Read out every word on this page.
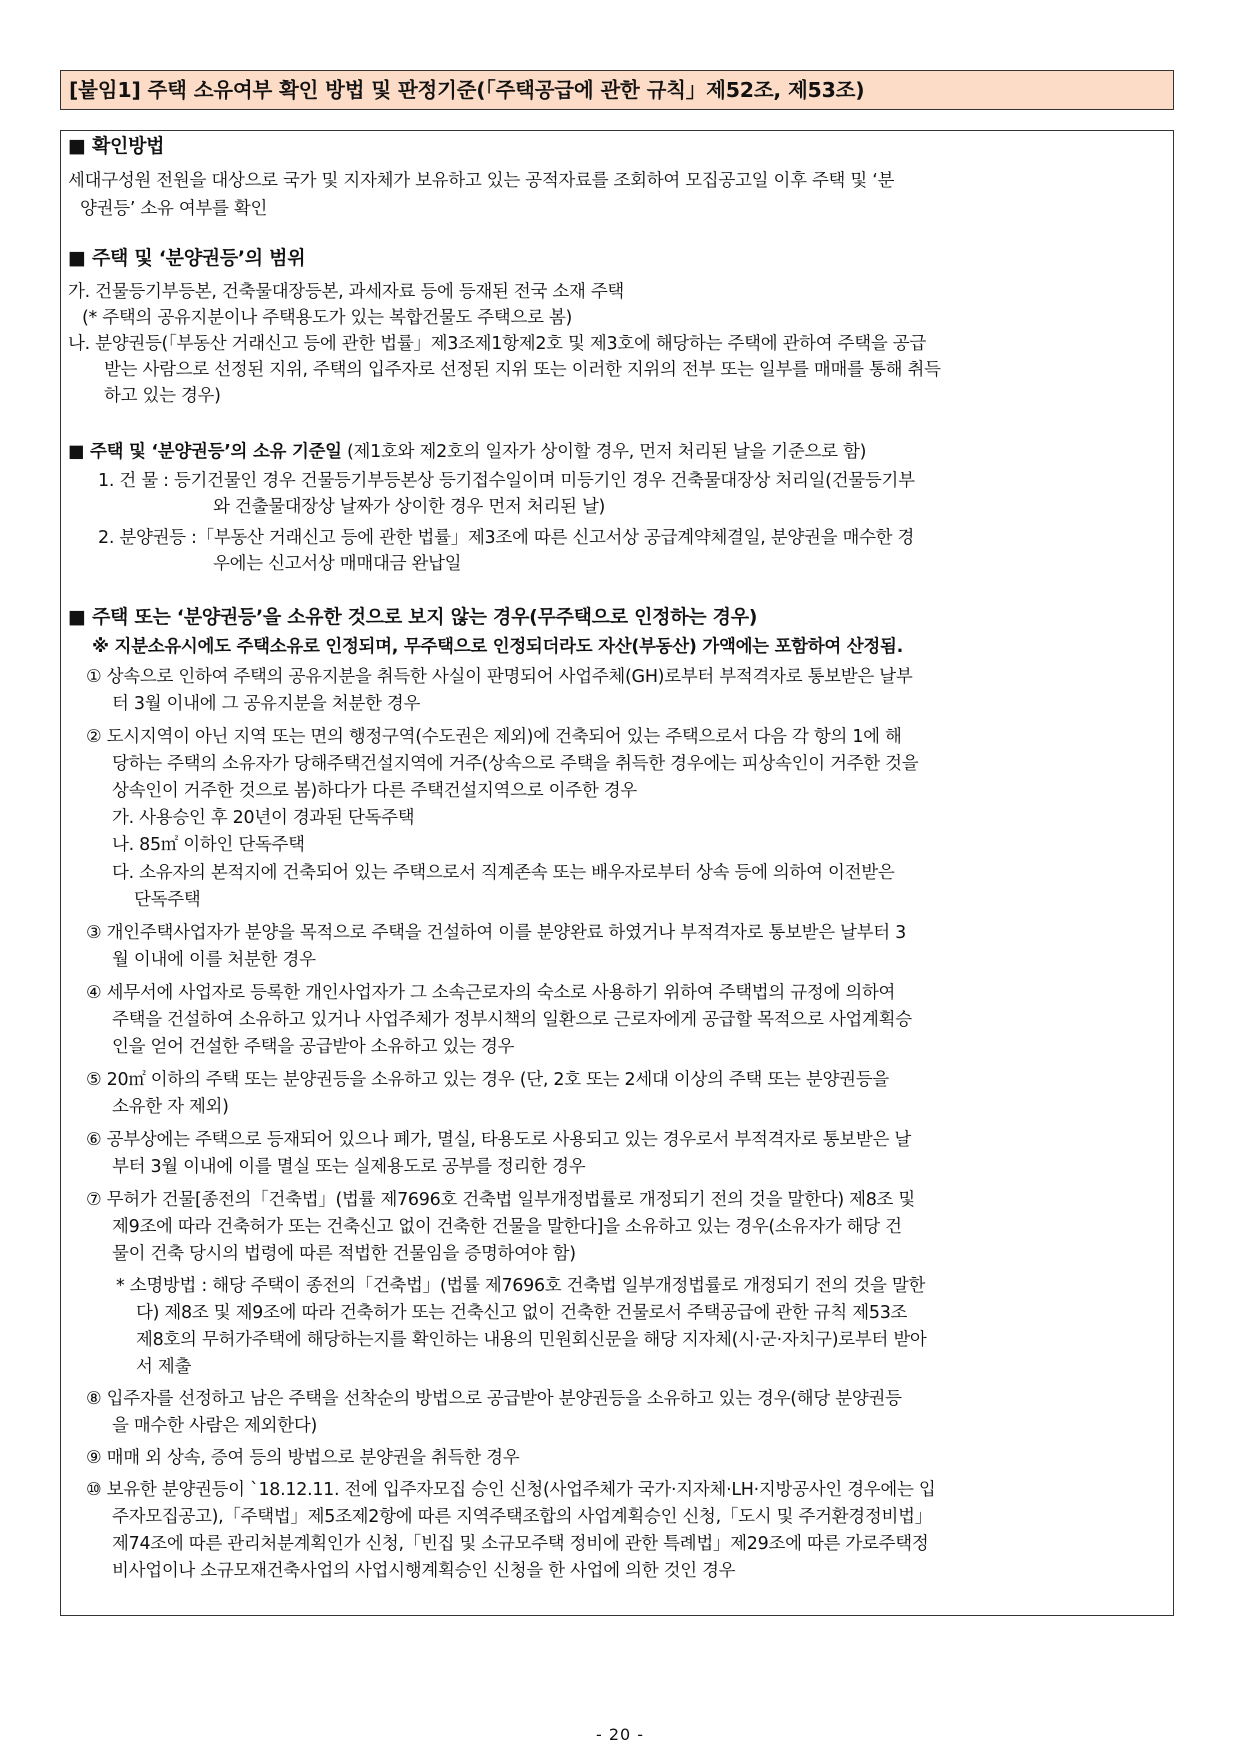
[붙임1] 주택 소유여부 확인 방법 및 판정기준(「주택공급에 관한 규칙」제52조, 제53조)
■ 확인방법
세대구성원 전원을 대상으로 국가 및 지자체가 보유하고 있는 공적자료를 조회하여 모집공고일 이후 주택 및 ‘분
양권등’ 소유 여부를 확인
■ 주택 및 ‘분양권등’의 범위
가. 건물등기부등본, 건축물대장등본, 과세자료 등에 등재된 전국 소재 주택
(* 주택의 공유지분이나 주택용도가 있는 복합건물도 주택으로 봄)
나. 분양권등(「부동산 거래신고 등에 관한 법률」제3조제1항제2호 및 제3호에 해당하는 주택에 관하여 주택을 공급
받는 사람으로 선정된 지위, 주택의 입주자로 선정된 지위 또는 이러한 지위의 전부 또는 일부를 매매를 통해 취득
하고 있는 경우)
■ 주택 및 ‘분양권등’의 소유 기준일 (제1호와 제2호의 일자가 상이할 경우, 먼저 처리된 날을 기준으로 함)
1. 건 물 : 등기건물인 경우 건물등기부등본상 등기접수일이며 미등기인 경우 건축물대장상 처리일(건물등기부
와 건출물대장상 날짜가 상이한 경우 먼저 처리된 날)
2. 분양권등 :「부동산 거래신고 등에 관한 법률」제3조에 따른 신고서상 공급계약체결일, 분양권을 매수한 경
우에는 신고서상 매매대금 완납일
■ 주택 또는 ‘분양권등’을 소유한 것으로 보지 않는 경우(무주택으로 인정하는 경우)
※ 지분소유시에도 주택소유로 인정되며, 무주택으로 인정되더라도 자산(부동산) 가액에는 포함하여 산정됨.
① 상속으로 인하여 주택의 공유지분을 취득한 사실이 판명되어 사업주체(GH)로부터 부적격자로 통보받은 날부
터 3월 이내에 그 공유지분을 처분한 경우
② 도시지역이 아닌 지역 또는 면의 행정구역(수도권은 제외)에 건축되어 있는 주택으로서 다음 각 항의 1에 해
당하는 주택의 소유자가 당해주택건설지역에 거주(상속으로 주택을 취득한 경우에는 피상속인이 거주한 것을
상속인이 거주한 것으로 봄)하다가 다른 주택건설지역으로 이주한 경우
가. 사용승인 후 20년이 경과된 단독주택
나. 85㎡ 이하인 단독주택
다. 소유자의 본적지에 건축되어 있는 주택으로서 직계존속 또는 배우자로부터 상속 등에 의하여 이전받은
단독주택
③ 개인주택사업자가 분양을 목적으로 주택을 건설하여 이를 분양완료 하였거나 부적격자로 통보받은 날부터 3
월 이내에 이를 처분한 경우
④ 세무서에 사업자로 등록한 개인사업자가 그 소속근로자의 숙소로 사용하기 위하여 주택법의 규정에 의하여
주택을 건설하여 소유하고 있거나 사업주체가 정부시책의 일환으로 근로자에게 공급할 목적으로 사업계획승
인을 얻어 건설한 주택을 공급받아 소유하고 있는 경우
⑤ 20㎡ 이하의 주택 또는 분양권등을 소유하고 있는 경우 (단, 2호 또는 2세대 이상의 주택 또는 분양권등을
소유한 자 제외)
⑥ 공부상에는 주택으로 등재되어 있으나 폐가, 멸실, 타용도로 사용되고 있는 경우로서 부적격자로 통보받은 날
부터 3월 이내에 이를 멸실 또는 실제용도로 공부를 정리한 경우
⑦ 무허가 건물[종전의「건축법」(법률 제7696호 건축법 일부개정법률로 개정되기 전의 것을 말한다) 제8조 및
제9조에 따라 건축허가 또는 건축신고 없이 건축한 건물을 말한다]을 소유하고 있는 경우(소유자가 해당 건
물이 건축 당시의 법령에 따른 적법한 건물임을 증명하여야 함)
* 소명방법 : 해당 주택이 종전의「건축법」(법률 제7696호 건축법 일부개정법률로 개정되기 전의 것을 말한
다) 제8조 및 제9조에 따라 건축허가 또는 건축신고 없이 건축한 건물로서 주택공급에 관한 규칙 제53조
제8호의 무허가주택에 해당하는지를 확인하는 내용의 민원회신문을 해당 지자체(시·군·자치구)로부터 받아
서 제출
⑧ 입주자를 선정하고 남은 주택을 선착순의 방법으로 공급받아 분양권등을 소유하고 있는 경우(해당 분양권등
을 매수한 사람은 제외한다)
⑨ 매매 외 상속, 증여 등의 방법으로 분양권을 취득한 경우
⑩ 보유한 분양권등이 `18.12.11. 전에 입주자모집 승인 신청(사업주체가 국가·지자체·LH·지방공사인 경우에는 입
주자모집공고),「주택법」제5조제2항에 따른 지역주택조합의 사업계획승인 신청,「도시 및 주거환경정비법」
제74조에 따른 관리처분계획인가 신청,「빈집 및 소규모주택 정비에 관한 특례법」제29조에 따른 가로주택정
비사업이나 소규모재건축사업의 사업시행계획승인 신청을 한 사업에 의한 것인 경우
- 20 -
